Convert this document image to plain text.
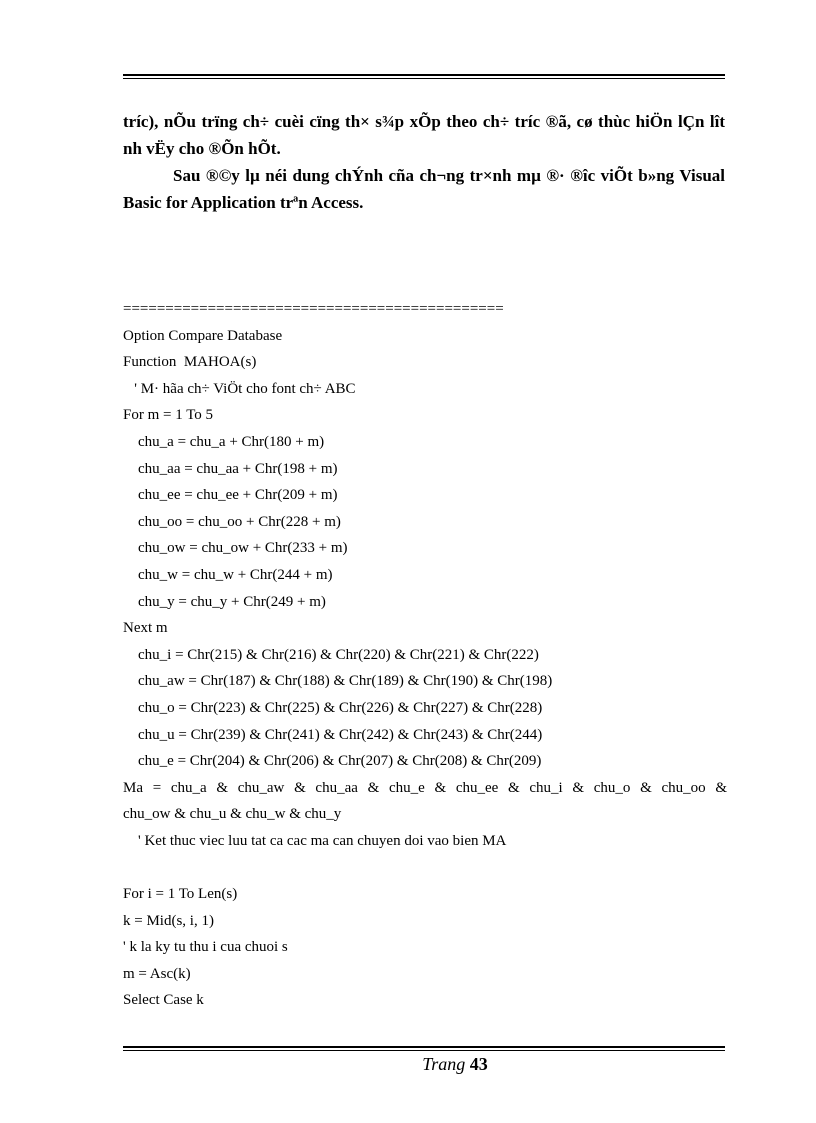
tríc), nÕu trïng ch÷ cuèi cïng th× s¾p xÕp theo ch÷ tríc ®ã, cø thùc hiÖn lÇn lît nh vËy cho ®Õn hÕt.

Sau ®©y lµ néi dung chÝnh cña ch¬ng tr×nh mµ ®· ®îc viÕt b»ng Visual Basic for Application trªn Access.

=============================================
Option Compare Database
Function  MAHOA(s)
' M· hãa ch÷ ViÖt cho font ch÷ ABC
For m = 1 To 5
chu_a = chu_a + Chr(180 + m)
chu_aa = chu_aa + Chr(198 + m)
chu_ee = chu_ee + Chr(209 + m)
chu_oo = chu_oo + Chr(228 + m)
chu_ow = chu_ow + Chr(233 + m)
chu_w = chu_w + Chr(244 + m)
chu_y = chu_y + Chr(249 + m)
Next m
chu_i = Chr(215) & Chr(216) & Chr(220) & Chr(221) & Chr(222)
chu_aw = Chr(187) & Chr(188) & Chr(189) & Chr(190) & Chr(198)
chu_o = Chr(223) & Chr(225) & Chr(226) & Chr(227) & Chr(228)
chu_u = Chr(239) & Chr(241) & Chr(242) & Chr(243) & Chr(244)
chu_e = Chr(204) & Chr(206) & Chr(207) & Chr(208) & Chr(209)
Ma = chu_a & chu_aw & chu_aa & chu_e & chu_ee & chu_i & chu_o & chu_oo &
chu_ow & chu_u & chu_w & chu_y
' Ket thuc viec luu tat ca cac ma can chuyen doi vao bien MA
For i = 1 To Len(s)
k = Mid(s, i, 1)
' k la ky tu thu i cua chuoi s
m = Asc(k)
Select Case k
Trang 43
